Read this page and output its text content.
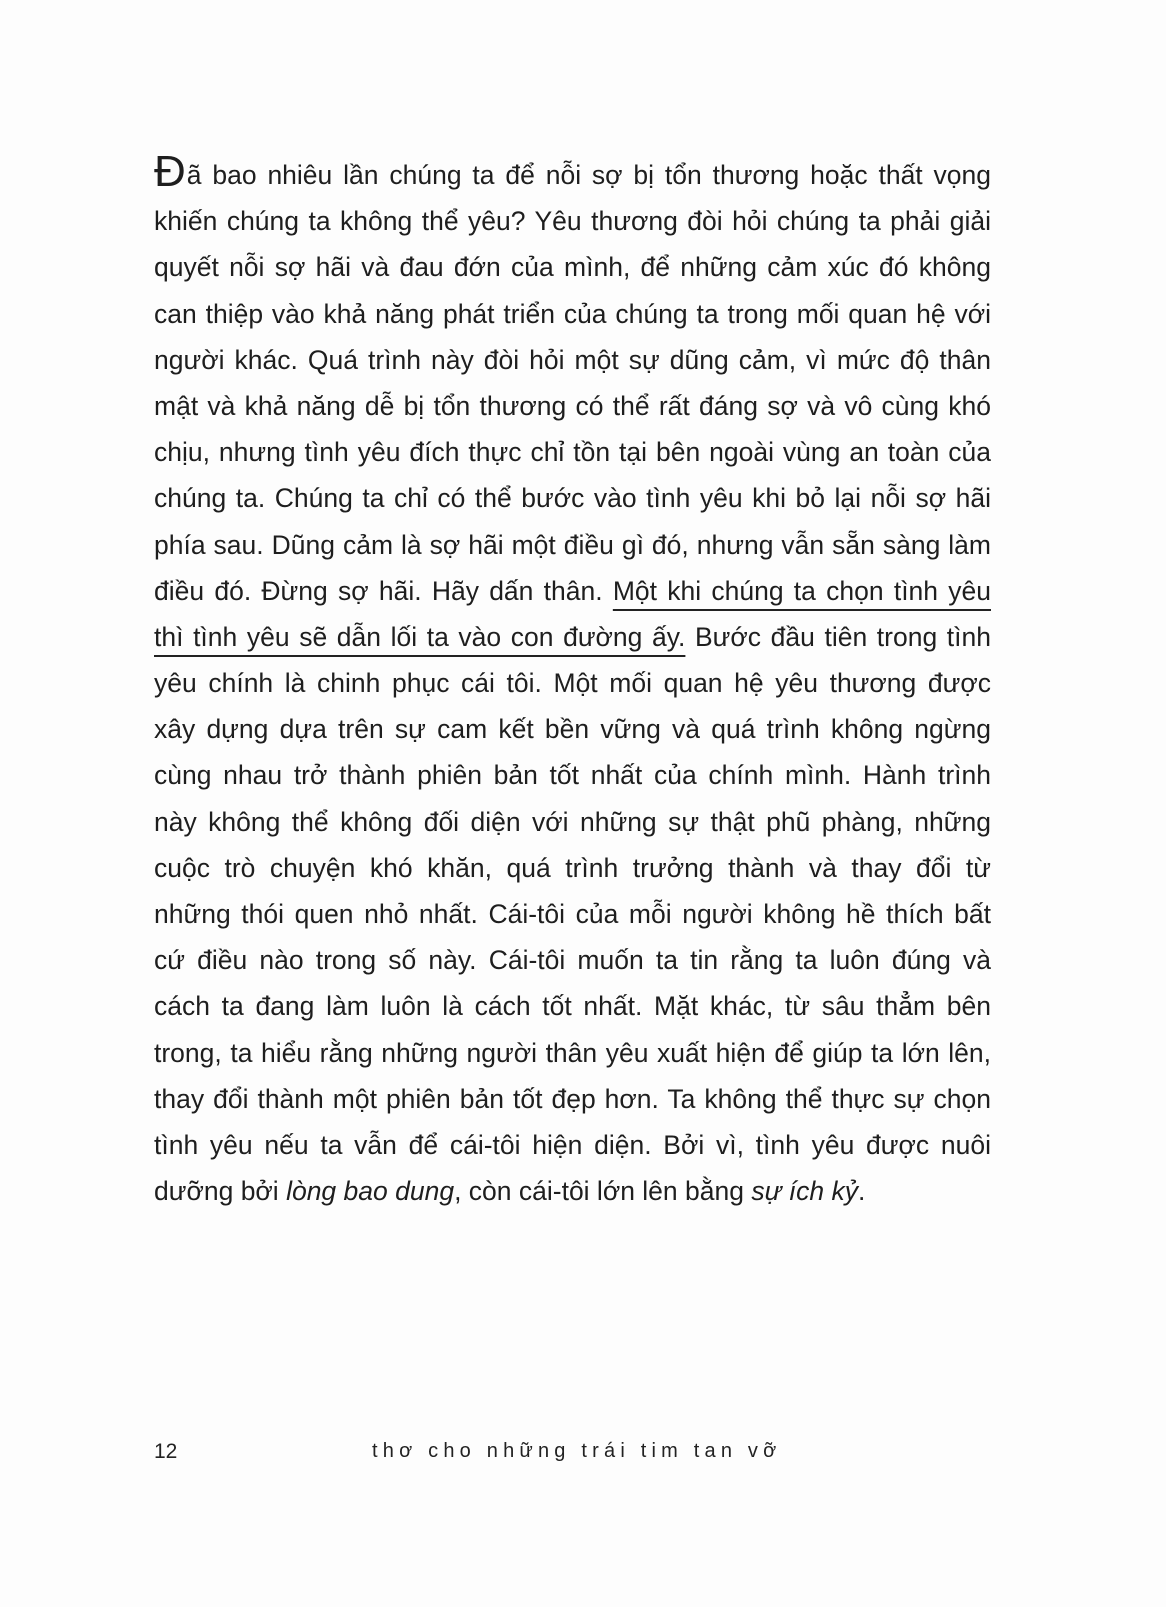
Đã bao nhiêu lần chúng ta để nỗi sợ bị tổn thương hoặc thất vọng
khiến chúng ta không thể yêu? Yêu thương đòi hỏi chúng ta phải giải
quyết nỗi sợ hãi và đau đớn của mình, để những cảm xúc đó không
can thiệp vào khả năng phát triển của chúng ta trong mối quan hệ với
người khác. Quá trình này đòi hỏi một sự dũng cảm, vì mức độ thân
mật và khả năng dễ bị tổn thương có thể rất đáng sợ và vô cùng khó
chịu, nhưng tình yêu đích thực chỉ tồn tại bên ngoài vùng an toàn của
chúng ta. Chúng ta chỉ có thể bước vào tình yêu khi bỏ lại nỗi sợ hãi
phía sau. Dũng cảm là sợ hãi một điều gì đó, nhưng vẫn sẵn sàng làm
điều đó. Đừng sợ hãi. Hãy dấn thân. Một khi chúng ta chọn tình yêu
thì tình yêu sẽ dẫn lối ta vào con đường ấy. Bước đầu tiên trong tình
yêu chính là chinh phục cái tôi. Một mối quan hệ yêu thương được
xây dựng dựa trên sự cam kết bền vững và quá trình không ngừng
cùng nhau trở thành phiên bản tốt nhất của chính mình. Hành trình
này không thể không đối diện với những sự thật phũ phàng, những
cuộc trò chuyện khó khăn, quá trình trưởng thành và thay đổi từ
những thói quen nhỏ nhất. Cái-tôi của mỗi người không hề thích bất
cứ điều nào trong số này. Cái-tôi muốn ta tin rằng ta luôn đúng và
cách ta đang làm luôn là cách tốt nhất. Mặt khác, từ sâu thẳm bên
trong, ta hiểu rằng những người thân yêu xuất hiện để giúp ta lớn lên,
thay đổi thành một phiên bản tốt đẹp hơn. Ta không thể thực sự chọn
tình yêu nếu ta vẫn để cái-tôi hiện diện. Bởi vì, tình yêu được nuôi
dưỡng bởi lòng bao dung, còn cái-tôi lớn lên bằng sự ích kỷ.
12	thơ cho những trái tim tan vỡ
